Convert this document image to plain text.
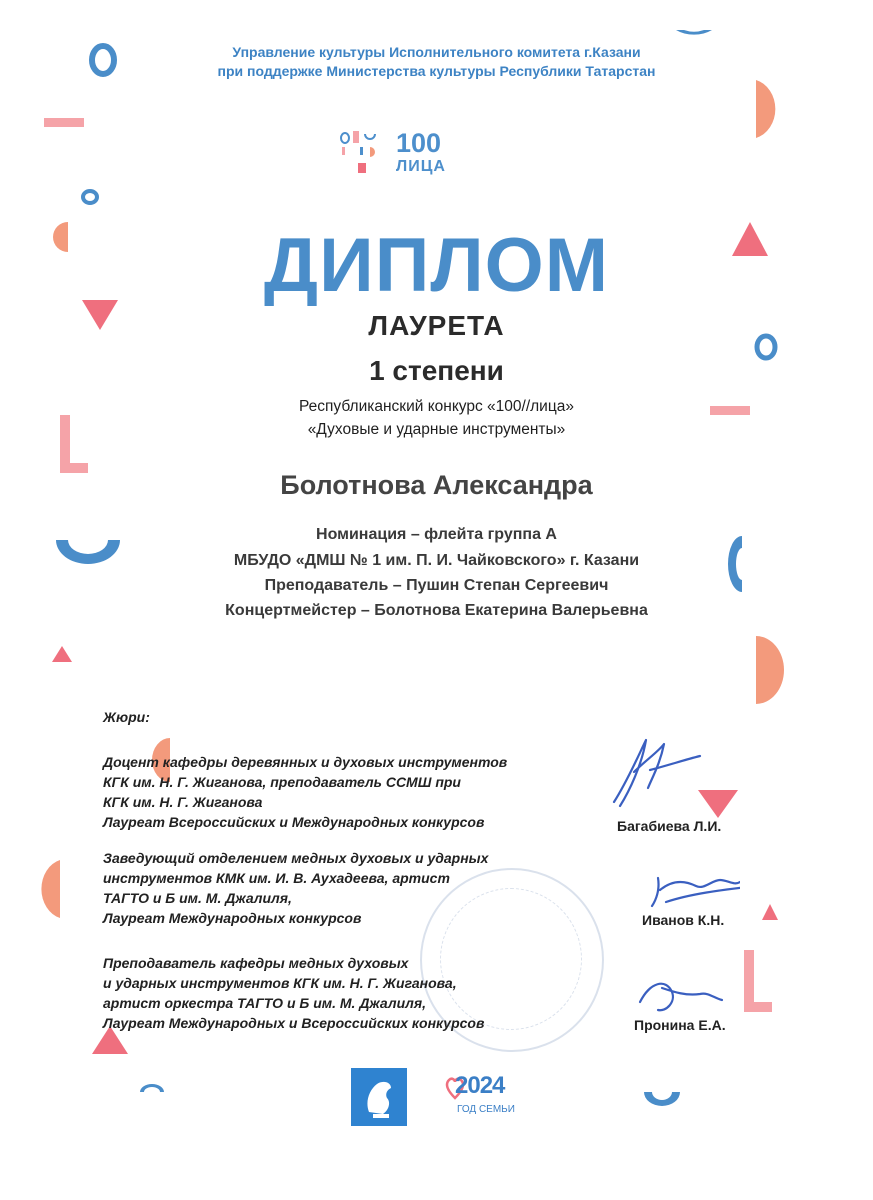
Управление культуры Исполнительного комитета г.Казани
при поддержке Министерства культуры Республики Татарстан
100
ЛИЦА
ДИПЛОМ
ЛАУРЕТА
1 степени
Республиканский конкурс «100//лица»
«Духовые и ударные инструменты»
Болотнова Александра
Номинация – флейта группа А
МБУДО «ДМШ № 1 им. П. И. Чайковского» г. Казани
Преподаватель – Пушин Степан Сергеевич
Концертмейстер – Болотнова Екатерина Валерьевна
Жюри:
Доцент кафедры деревянных и духовых инструментов
КГК им. Н. Г. Жиганова, преподаватель ССМШ при
КГК им. Н. Г. Жиганова
Лауреат Всероссийских и Международных конкурсов
Заведующий отделением медных духовых и ударных
инструментов КМК им. И. В. Аухадеева, артист
ТАГТО и Б им. М. Джалиля,
Лауреат Международных конкурсов
Преподаватель кафедры медных духовых
и ударных инструментов КГК им. Н. Г. Жиганова,
артист оркестра ТАГТО и Б им. М. Джалиля,
Лауреат Международных и Всероссийских конкурсов
Багабиева Л.И.
Иванов К.Н.
Пронина Е.А.
2024
ГОД СЕМЬИ
